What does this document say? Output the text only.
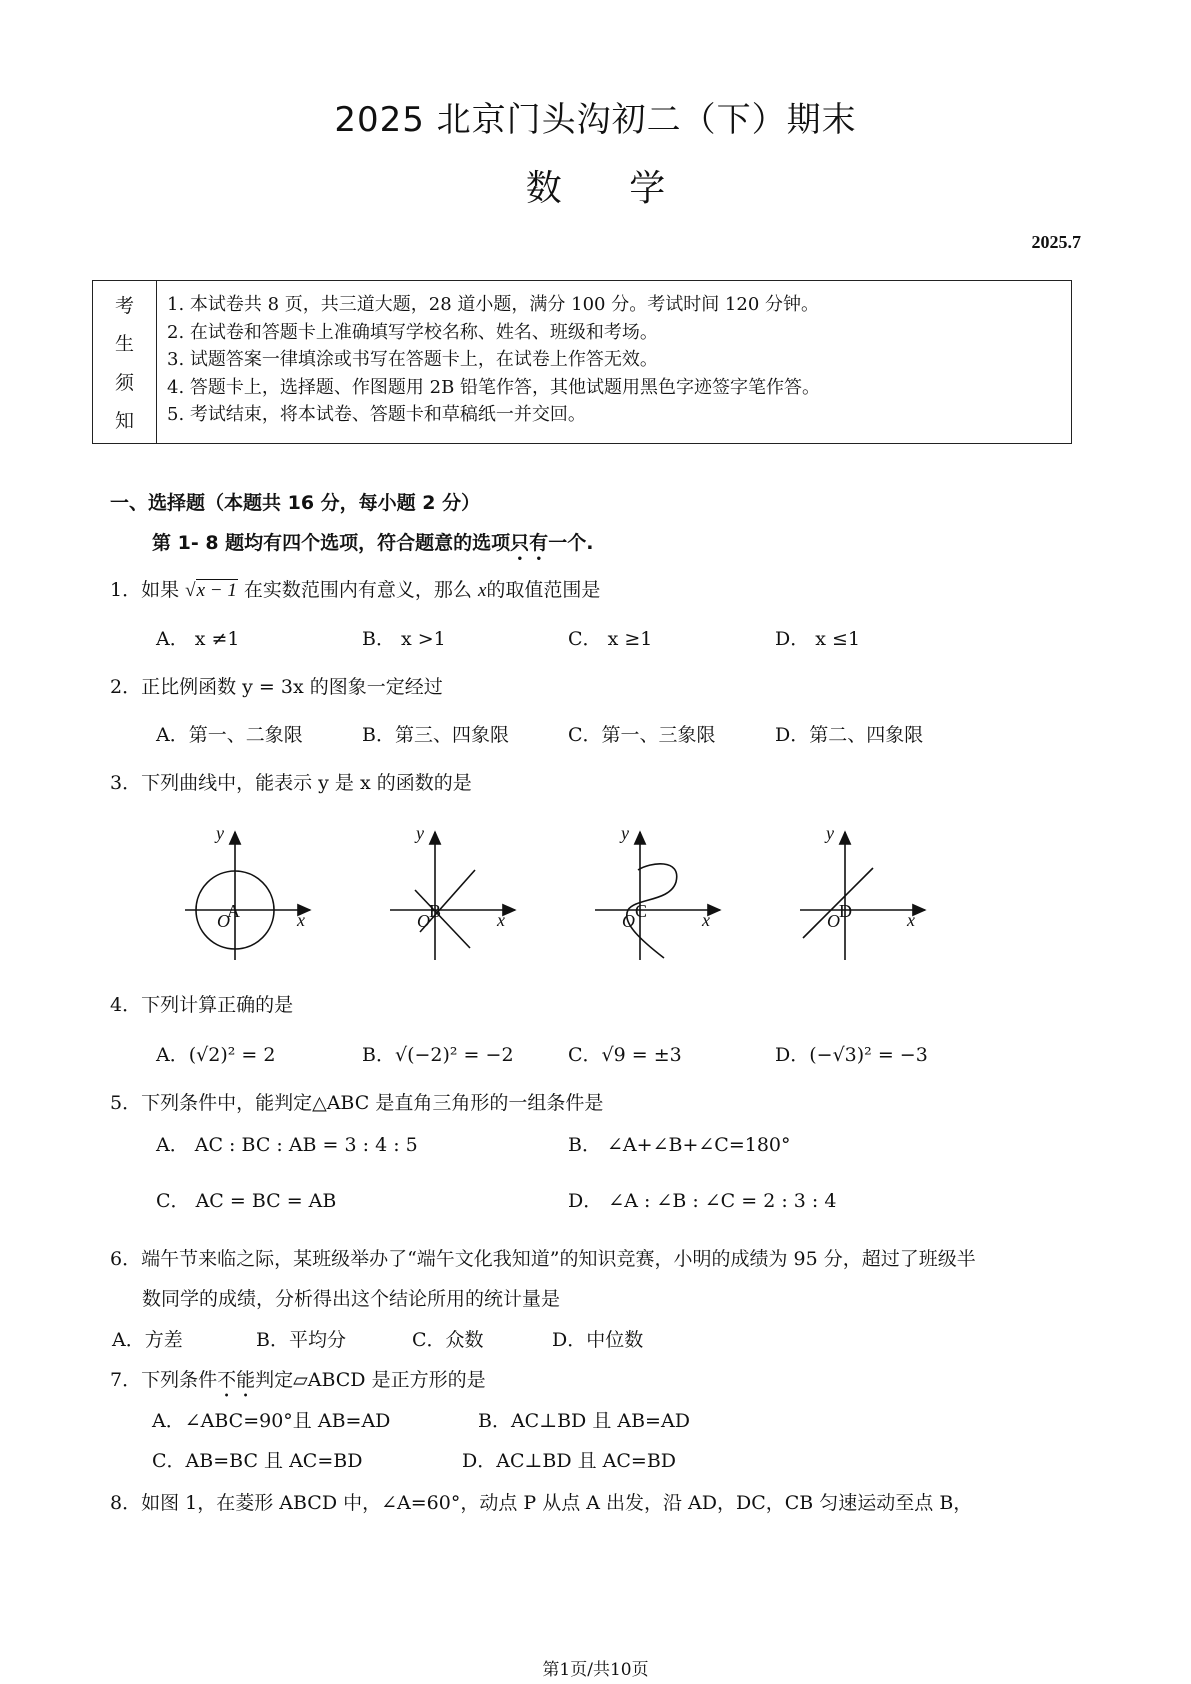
2025 北京门头沟初二（下）期末
数 学
2025.7
考
生
须
知
1. 本试卷共 8 页，共三道大题，28 道小题，满分 100 分。考试时间 120 分钟。
2. 在试卷和答题卡上准确填写学校名称、姓名、班级和考场。
3. 试题答案一律填涂或书写在答题卡上，在试卷上作答无效。
4. 答题卡上，选择题、作图题用 2B 铅笔作答，其他试题用黑色字迹签字笔作答。
5. 考试结束，将本试卷、答题卡和草稿纸一并交回。
一、选择题（本题共 16 分，每小题 2 分）
第 1- 8 题均有四个选项，符合题意的选项只有一个.
1．如果 √x − 1 在实数范围内有意义，那么 x的取值范围是
A． x ≠1	B． x >1	C． x ≥1	D． x ≤1
2．正比例函数 y = 3x 的图象一定经过
A．第一、二象限	B．第三、四象限	C．第一、三象限	D．第二、四象限
3．下列曲线中，能表示 y 是 x 的函数的是
y
x
O
A
y
x
O B
y
x
O C
y
x
O D
4．下列计算正确的是
A．(√2)² = 2	B．√(−2)² = −2	C．√9 = ±3	D．(−√3)² = −3
5．下列条件中，能判定△ABC 是直角三角形的一组条件是
A． AC : BC : AB = 3 : 4 : 5	B． ∠A+∠B+∠C=180°
C． AC = BC = AB	D． ∠A : ∠B : ∠C = 2 : 3 : 4
6．端午节来临之际，某班级举办了“端午文化我知道”的知识竞赛，小明的成绩为 95 分，超过了班级半
数同学的成绩，分析得出这个结论所用的统计量是
A．方差	B．平均分	C．众数	D．中位数
7．下列条件不能判定▱ABCD 是正方形的是
A．∠ABC=90°且 AB=AD	B．AC⊥BD 且 AB=AD
C．AB=BC 且 AC=BD	D．AC⊥BD 且 AC=BD
8．如图 1，在菱形 ABCD 中，∠A=60°，动点 P 从点 A 出发，沿 AD，DC，CB 匀速运动至点 B，
第1页/共10页
